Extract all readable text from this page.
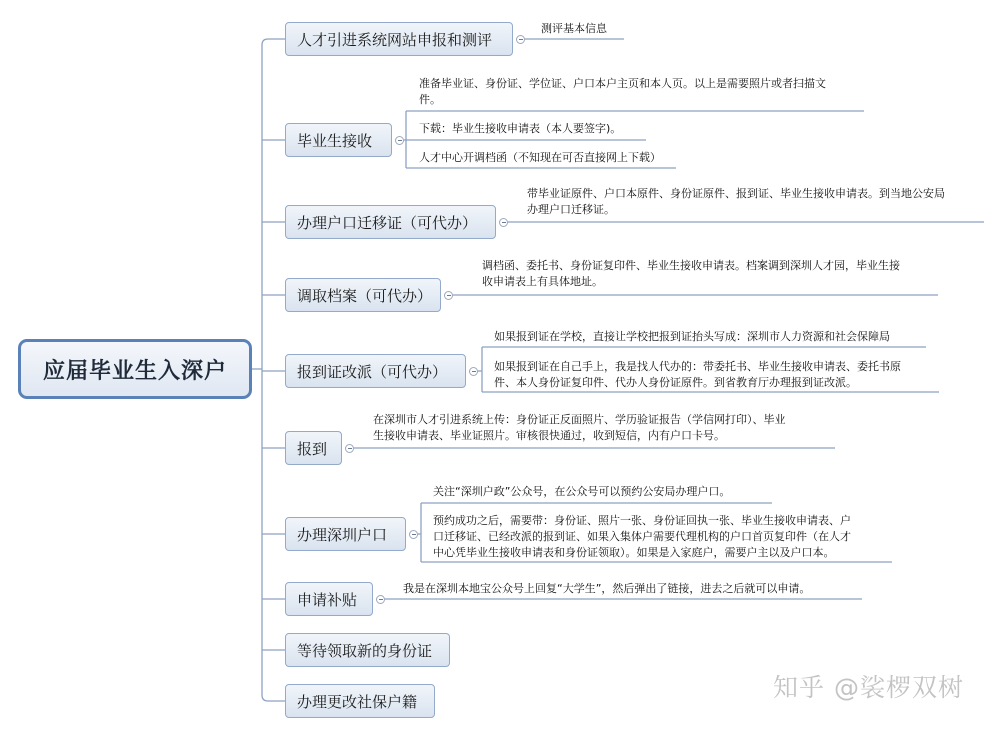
应届毕业生入深户
人才引进系统网站申报和测评
毕业生接收
办理户口迁移证（可代办）
调取档案（可代办）
报到证改派（可代办）
报到
办理深圳户口
申请补贴
等待领取新的身份证
办理更改社保户籍
测评基本信息
准备毕业证、身份证、学位证、户口本户主页和本人页。以上是需要照片或者扫描文
件。
下载：毕业生接收申请表（本人要签字)。
人才中心开调档函（不知现在可否直接网上下载）
带毕业证原件、户口本原件、身份证原件、报到证、毕业生接收申请表。到当地公安局
办理户口迁移证。
调档函、委托书、身份证复印件、毕业生接收申请表。档案调到深圳人才园，毕业生接
收申请表上有具体地址。
如果报到证在学校，直接让学校把报到证抬头写成：深圳市人力资源和社会保障局
如果报到证在自己手上，我是找人代办的：带委托书、毕业生接收申请表、委托书原
件、本人身份证复印件、代办人身份证原件。到省教育厅办理报到证改派。
在深圳市人才引进系统上传：身份证正反面照片、学历验证报告（学信网打印）、毕业
生接收申请表、毕业证照片。审核很快通过，收到短信，内有户口卡号。
关注“深圳户政”公众号，在公众号可以预约公安局办理户口。
预约成功之后，需要带：身份证、照片一张、身份证回执一张、毕业生接收申请表、户
口迁移证、已经改派的报到证、如果入集体户需要代理机构的户口首页复印件（在人才
中心凭毕业生接收申请表和身份证领取）。如果是入家庭户，需要户主以及户口本。
我是在深圳本地宝公众号上回复“大学生”，然后弹出了链接，进去之后就可以申请。
知乎 @裟椤双树
